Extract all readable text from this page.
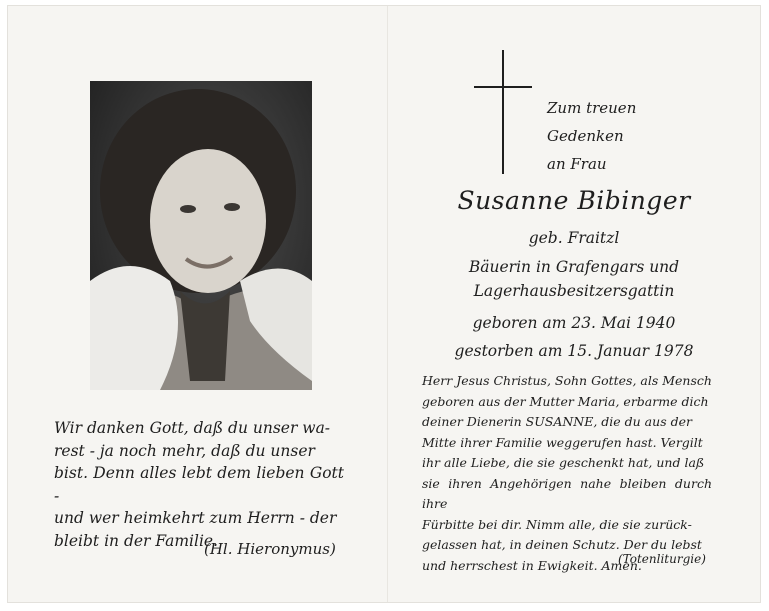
Wir danken Gott, daß du unser wa-
rest - ja noch mehr, daß du unser
bist. Denn alles lebt dem lieben Gott -
und wer heimkehrt zum Herrn - der
bleibt in der Familie.
(Hl. Hieronymus)
Zum treuen
Gedenken
an Frau
Susanne Bibinger
geb. Fraitzl
Bäuerin in Grafengars und
Lagerhausbesitzersgattin
geboren am 23. Mai 1940
gestorben am 15. Januar 1978
Herr Jesus Christus, Sohn Gottes, als Mensch
geboren aus der Mutter Maria, erbarme dich
deiner Dienerin SUSANNE, die du aus der
Mitte ihrer Familie weggerufen hast. Vergilt
ihr alle Liebe, die sie geschenkt hat, und laß
sie ihren Angehörigen nahe bleiben durch ihre
Fürbitte bei dir. Nimm alle, die sie zurück-
gelassen hat, in deinen Schutz. Der du lebst
und herrschest in Ewigkeit. Amen.
(Totenliturgie)
